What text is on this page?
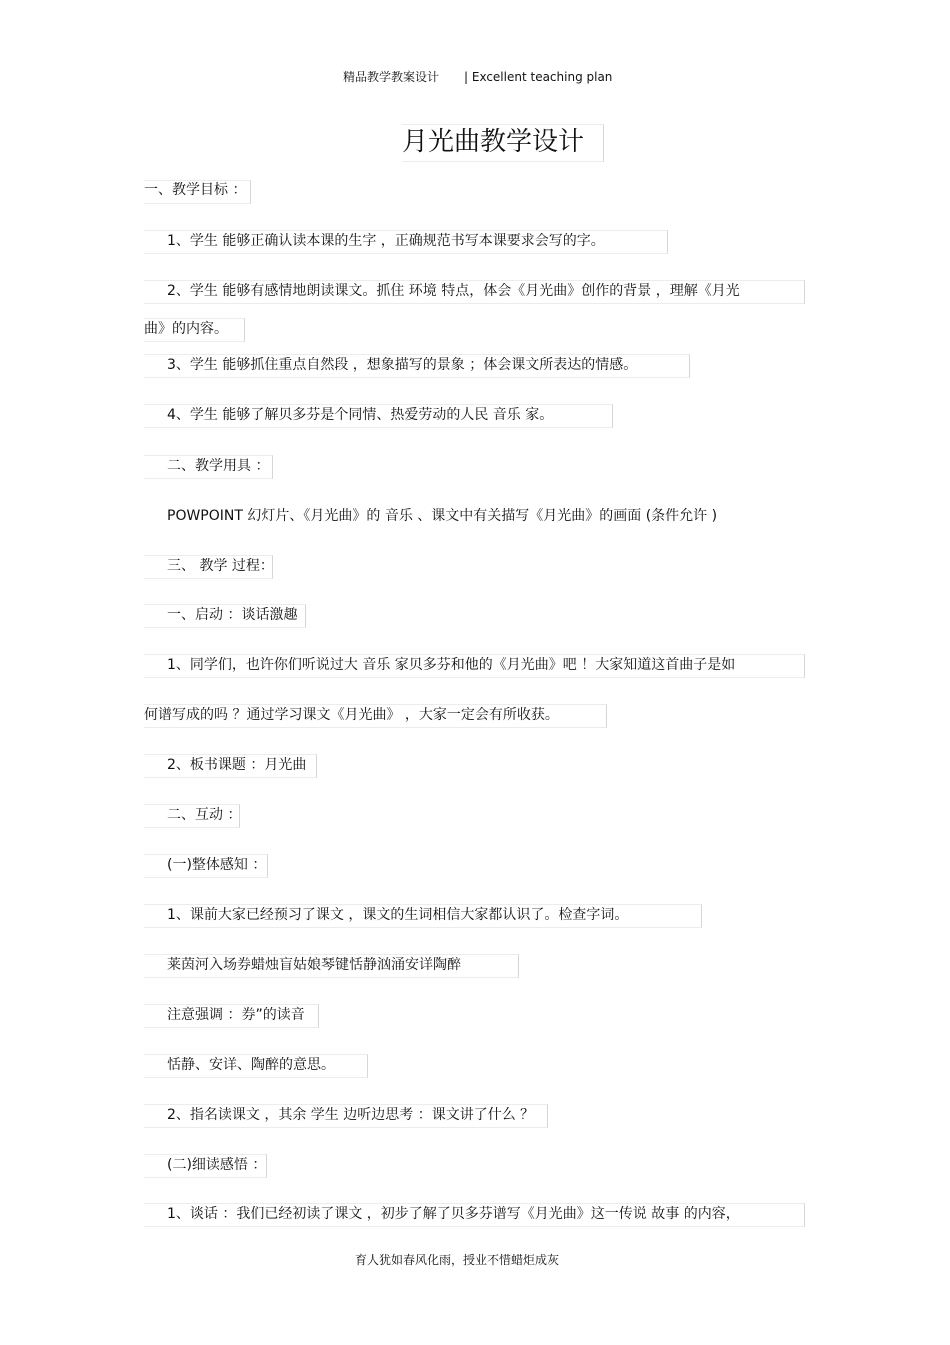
精品教学教案设计 | Excellent teaching plan
月光曲教学设计
一、教学目标 ：
1、学生 能够正确认读本课的生字 ，正确规范书写本课要求会写的字。
2、学生 能够有感情地朗读课文。抓住 环境 特点，体会《月光曲》创作的背景 ，理解《月光
曲》的内容。
3、学生 能够抓住重点自然段 ，想象描写的景象 ；体会课文所表达的情感。
4、学生 能够了解贝多芬是个同情、热爱劳动的人民 音乐 家。
二、教学用具 ：
POWPOINT 幻灯片、《月光曲》的 音乐 、课文中有关描写《月光曲》的画面 (条件允许 )
三、 教学 过程：
一、启动 ：谈话激趣
1、同学们，也许你们听说过大 音乐 家贝多芬和他的《月光曲》吧 ！大家知道这首曲子是如
何谱写成的吗 ？通过学习课文《月光曲》 ，大家一定会有所收获。
2、板书课题 ：月光曲
二、互动 ：
(一)整体感知 ：
1、课前大家已经预习了课文 ，课文的生词相信大家都认识了。检查字词。
莱茵河入场券蜡烛盲姑娘琴键恬静汹涌安详陶醉
注意强调 ：券”的读音
恬静、安详、陶醉的意思。
2、指名读课文 ，其余 学生 边听边思考 ：课文讲了什么 ？
(二)细读感悟 ：
1、谈话 ：我们已经初读了课文 ，初步了解了贝多芬谱写《月光曲》这一传说 故事 的内容，
育人犹如春风化雨，授业不惜蜡炬成灰
